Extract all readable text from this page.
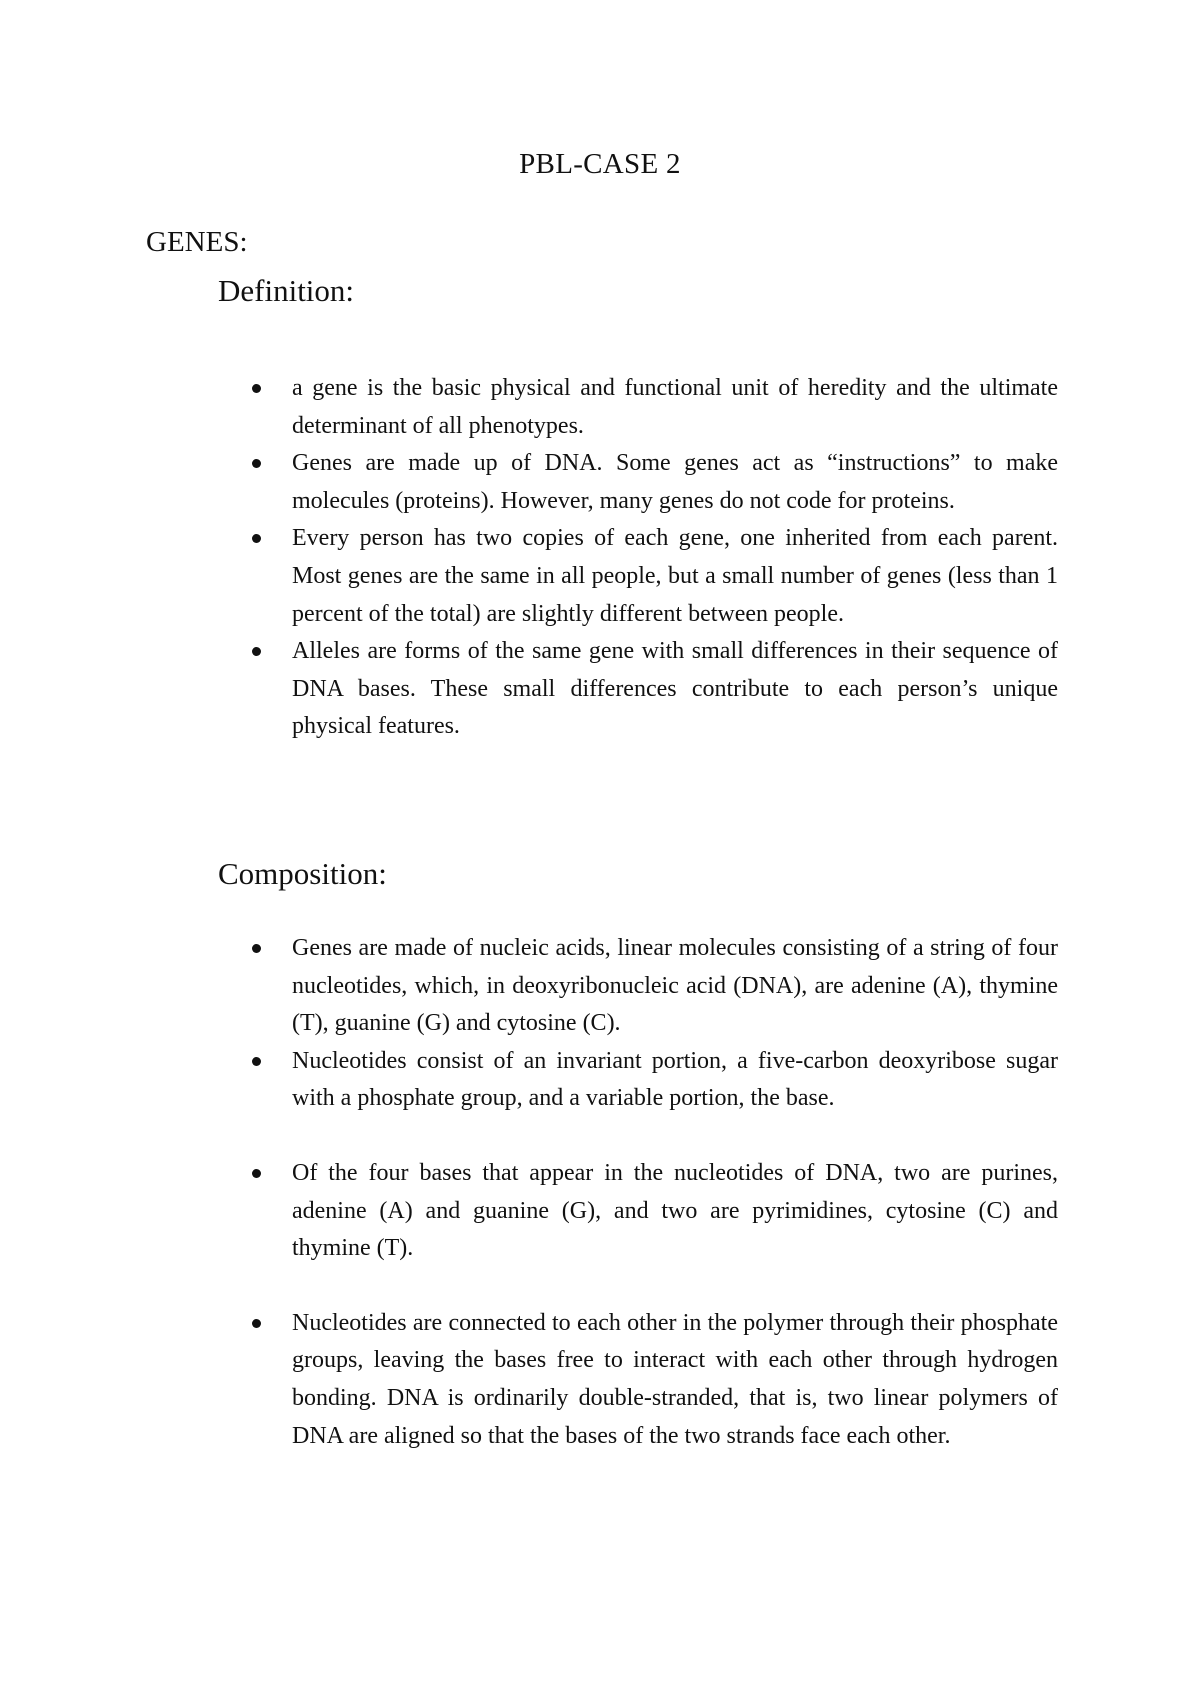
PBL-CASE 2
GENES:
Definition:
a gene is the basic physical and functional unit of heredity and the ultimate determinant of all phenotypes.
Genes are made up of DNA. Some genes act as “instructions” to make molecules (proteins). However, many genes do not code for proteins.
Every person has two copies of each gene, one inherited from each parent. Most genes are the same in all people, but a small number of genes (less than 1 percent of the total) are slightly different between people.
Alleles are forms of the same gene with small differences in their sequence of DNA bases. These small differences contribute to each person’s unique physical features.
Composition:
Genes are made of nucleic acids, linear molecules consisting of a string of four nucleotides, which, in deoxyribonucleic acid (DNA), are adenine (A), thymine (T), guanine (G) and cytosine (C).
Nucleotides consist of an invariant portion, a five-carbon deoxyribose sugar with a phosphate group, and a variable portion, the base.
Of the four bases that appear in the nucleotides of DNA, two are purines, adenine (A) and guanine (G), and two are pyrimidines, cytosine (C) and thymine (T).
Nucleotides are connected to each other in the polymer through their phosphate groups, leaving the bases free to interact with each other through hydrogen bonding. DNA is ordinarily double-stranded, that is, two linear polymers of DNA are aligned so that the bases of the two strands face each other.
